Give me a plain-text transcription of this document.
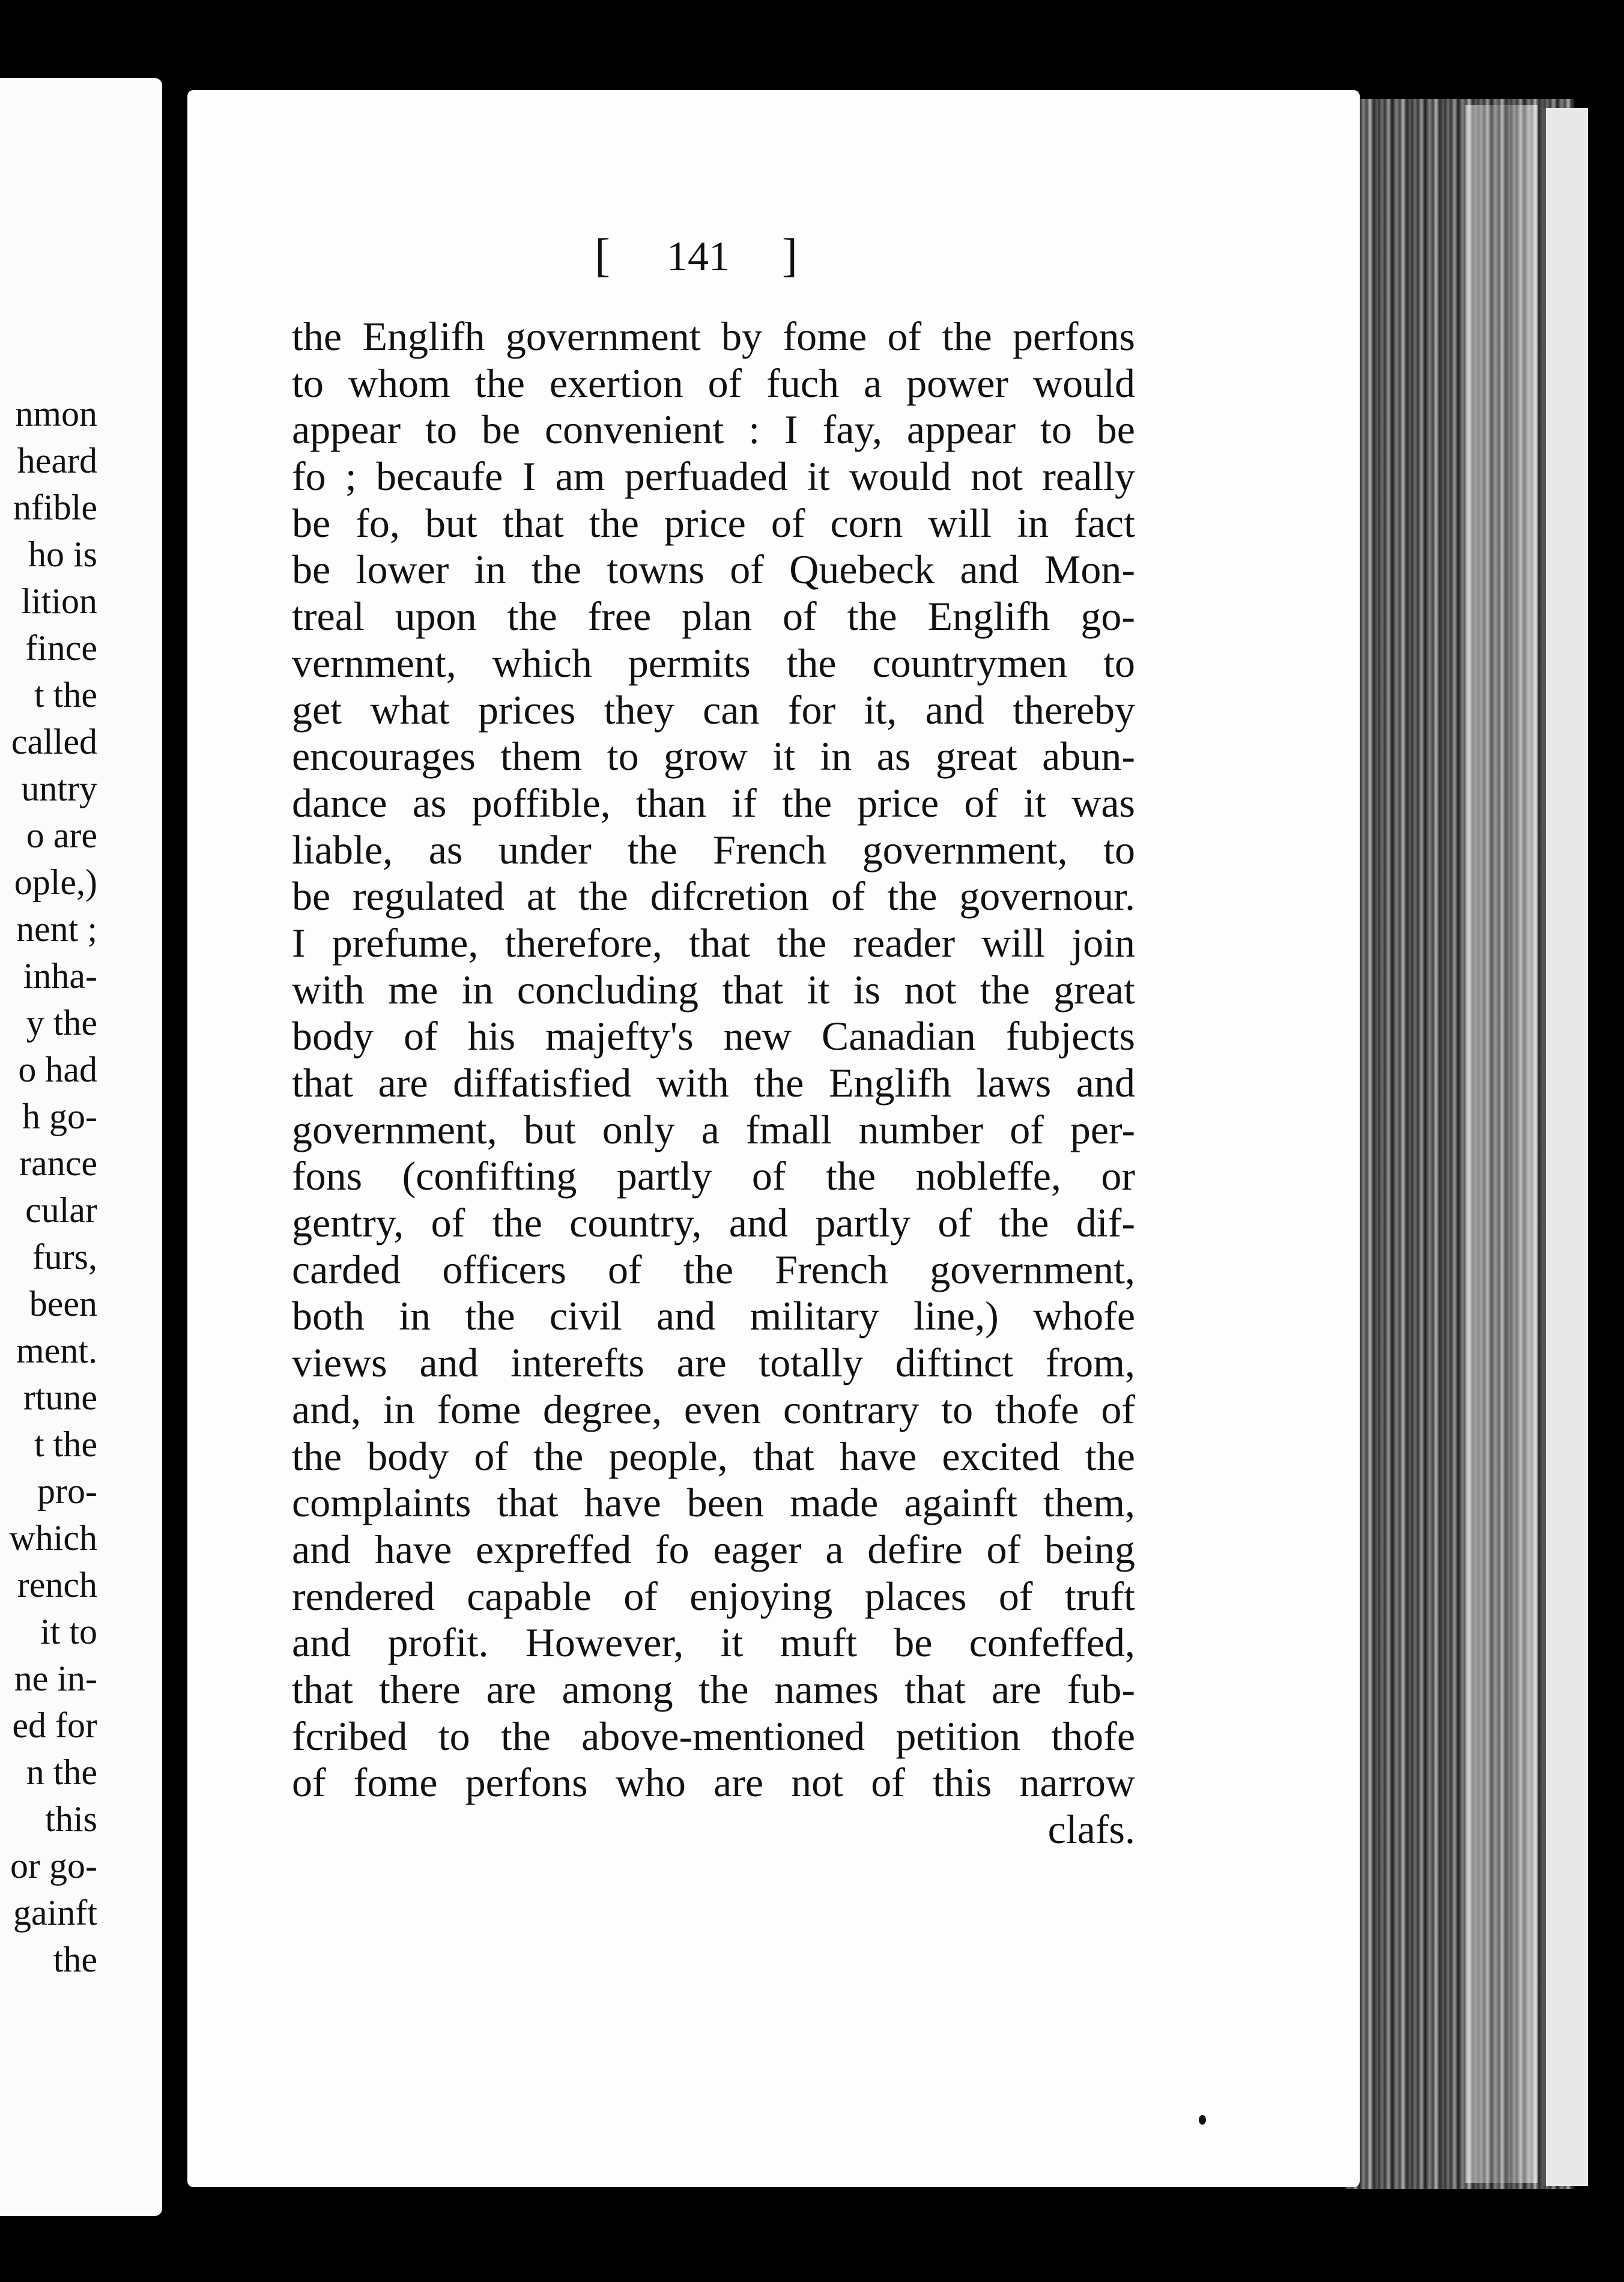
nmon
heard
nfible
ho is
lition
fince
t the
called
untry
o are
ople,)
nent ;
inha-
y the
o had
h go-
rance
cular
furs,
been
ment.
rtune
t the
pro-
which
rench
it to
ne in-
ed for
n the
this
or go-
gainft
the
[ 141 ]
the Englifh government by fome of the perfons
to whom the exertion of fuch a power would
appear to be convenient : I fay, appear to be
fo ; becaufe I am perfuaded it would not really
be fo, but that the price of corn will in fact
be lower in the towns of Quebeck and Mon-
treal upon the free plan of the Englifh go-
vernment, which permits the countrymen to
get what prices they can for it, and thereby
encourages them to grow it in as great abun-
dance as poffible, than if the price of it was
liable, as under the French government, to
be regulated at the difcretion of the governour.
I prefume, therefore, that the reader will join
with me in concluding that it is not the great
body of his majefty's new Canadian fubjects
that are diffatisfied with the Englifh laws and
government, but only a fmall number of per-
fons (confifting partly of the nobleffe, or
gentry, of the country, and partly of the dif-
carded officers of the French government,
both in the civil and military line,) whofe
views and interefts are totally diftinct from,
and, in fome degree, even contrary to thofe of
the body of the people, that have excited the
complaints that have been made againft them,
and have expreffed fo eager a defire of being
rendered capable of enjoying places of truft
and profit. However, it muft be confeffed,
that there are among the names that are fub-
fcribed to the above-mentioned petition thofe
of fome perfons who are not of this narrow
clafs.
